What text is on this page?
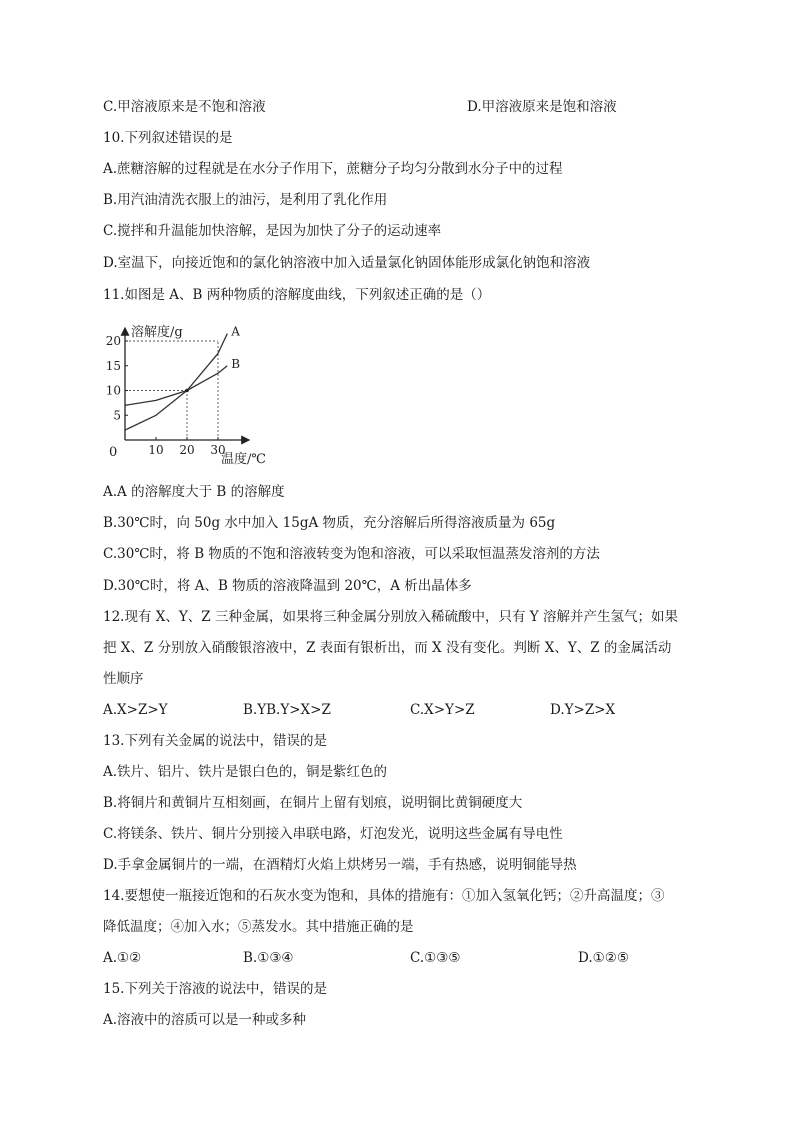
C.甲溶液原来是不饱和溶液	D.甲溶液原来是饱和溶液
10.下列叙述错误的是
A.蔗糖溶解的过程就是在水分子作用下，蔗糖分子均匀分散到水分子中的过程
B.用汽油清洗衣服上的油污，是利用了乳化作用
C.搅拌和升温能加快溶解，是因为加快了分子的运动速率
D.室温下，向接近饱和的氯化钠溶液中加入适量氯化钠固体能形成氯化钠饱和溶液
11.如图是 A、B 两种物质的溶解度曲线，下列叙述正确的是（）
10 20 30
5
10
15
20
A
B
溶解度/g
温度/℃
0
A.A 的溶解度大于 B 的溶解度
B.30℃时，向 50g 水中加入 15gA 物质，充分溶解后所得溶液质量为 65g
C.30℃时，将 B 物质的不饱和溶液转变为饱和溶液，可以采取恒温蒸发溶剂的方法
D.30℃时，将 A、B 物质的溶液降温到 20℃，A 析出晶体多
12.现有 X、Y、Z 三种金属，如果将三种金属分别放入稀硫酸中，只有 Y 溶解并产生氢气；如果
把 X、Z 分别放入硝酸银溶液中，Z 表面有银析出，而 X 没有变化。判断 X、Y、Z 的金属活动
性顺序
A.X>Z>Y	B.YB.Y>X>Z	C.X>Y>Z	D.Y>Z>X
13.下列有关金属的说法中，错误的是
A.铁片、铝片、铁片是银白色的，铜是紫红色的
B.将铜片和黄铜片互相刻画，在铜片上留有划痕，说明铜比黄铜硬度大
C.将镁条、铁片、铜片分别接入串联电路，灯泡发光，说明这些金属有导电性
D.手拿金属铜片的一端，在酒精灯火焰上烘烤另一端，手有热感，说明铜能导热
14.要想使一瓶接近饱和的石灰水变为饱和，具体的措施有：①加入氢氧化钙；②升高温度；③
降低温度；④加入水；⑤蒸发水。其中措施正确的是
A.①②	B.①③④	C.①③⑤	D.①②⑤
15.下列关于溶液的说法中，错误的是
A.溶液中的溶质可以是一种或多种
